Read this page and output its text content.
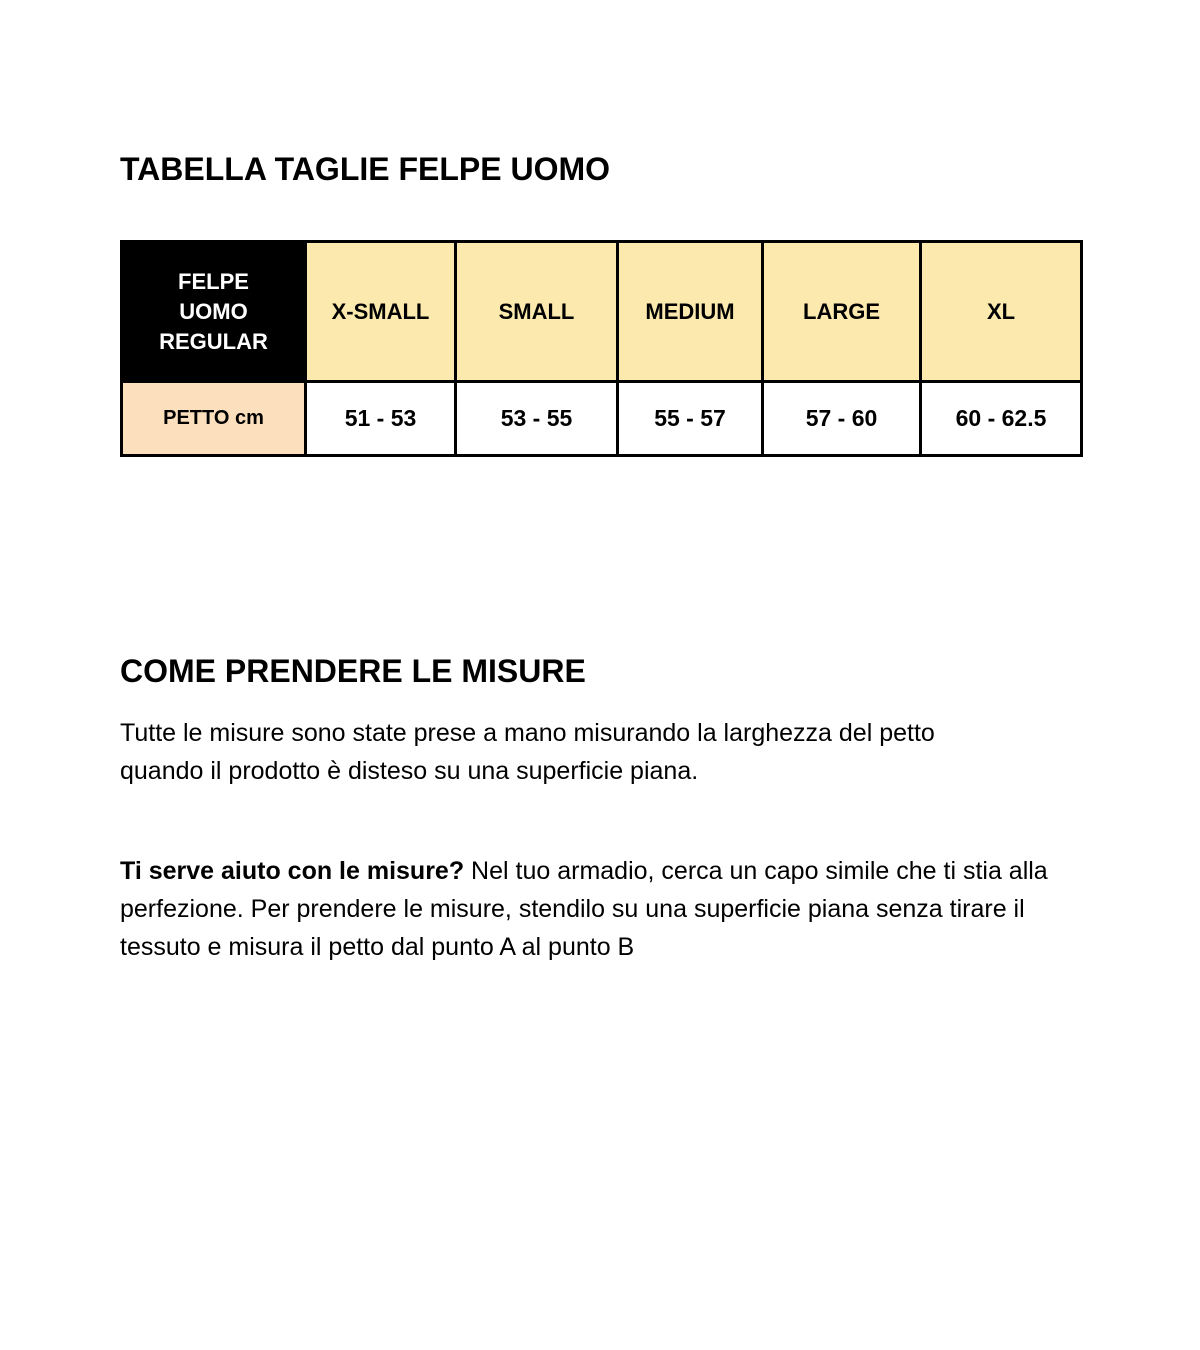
TABELLA TAGLIE FELPE UOMO
FELPE UOMO REGULAR	X-SMALL	SMALL	MEDIUM	LARGE	XL
PETTO cm	51 - 53	53 - 55	55 - 57	57 - 60	60 - 62.5
COME PRENDERE LE MISURE

Tutte le misure sono state prese a mano misurando la larghezza del petto quando il prodotto è disteso su una superficie piana.

Ti serve aiuto con le misure? Nel tuo armadio, cerca un capo simile che ti stia alla perfezione. Per prendere le misure, stendilo su una superficie piana senza tirare il tessuto e misura il petto dal punto A al punto B
